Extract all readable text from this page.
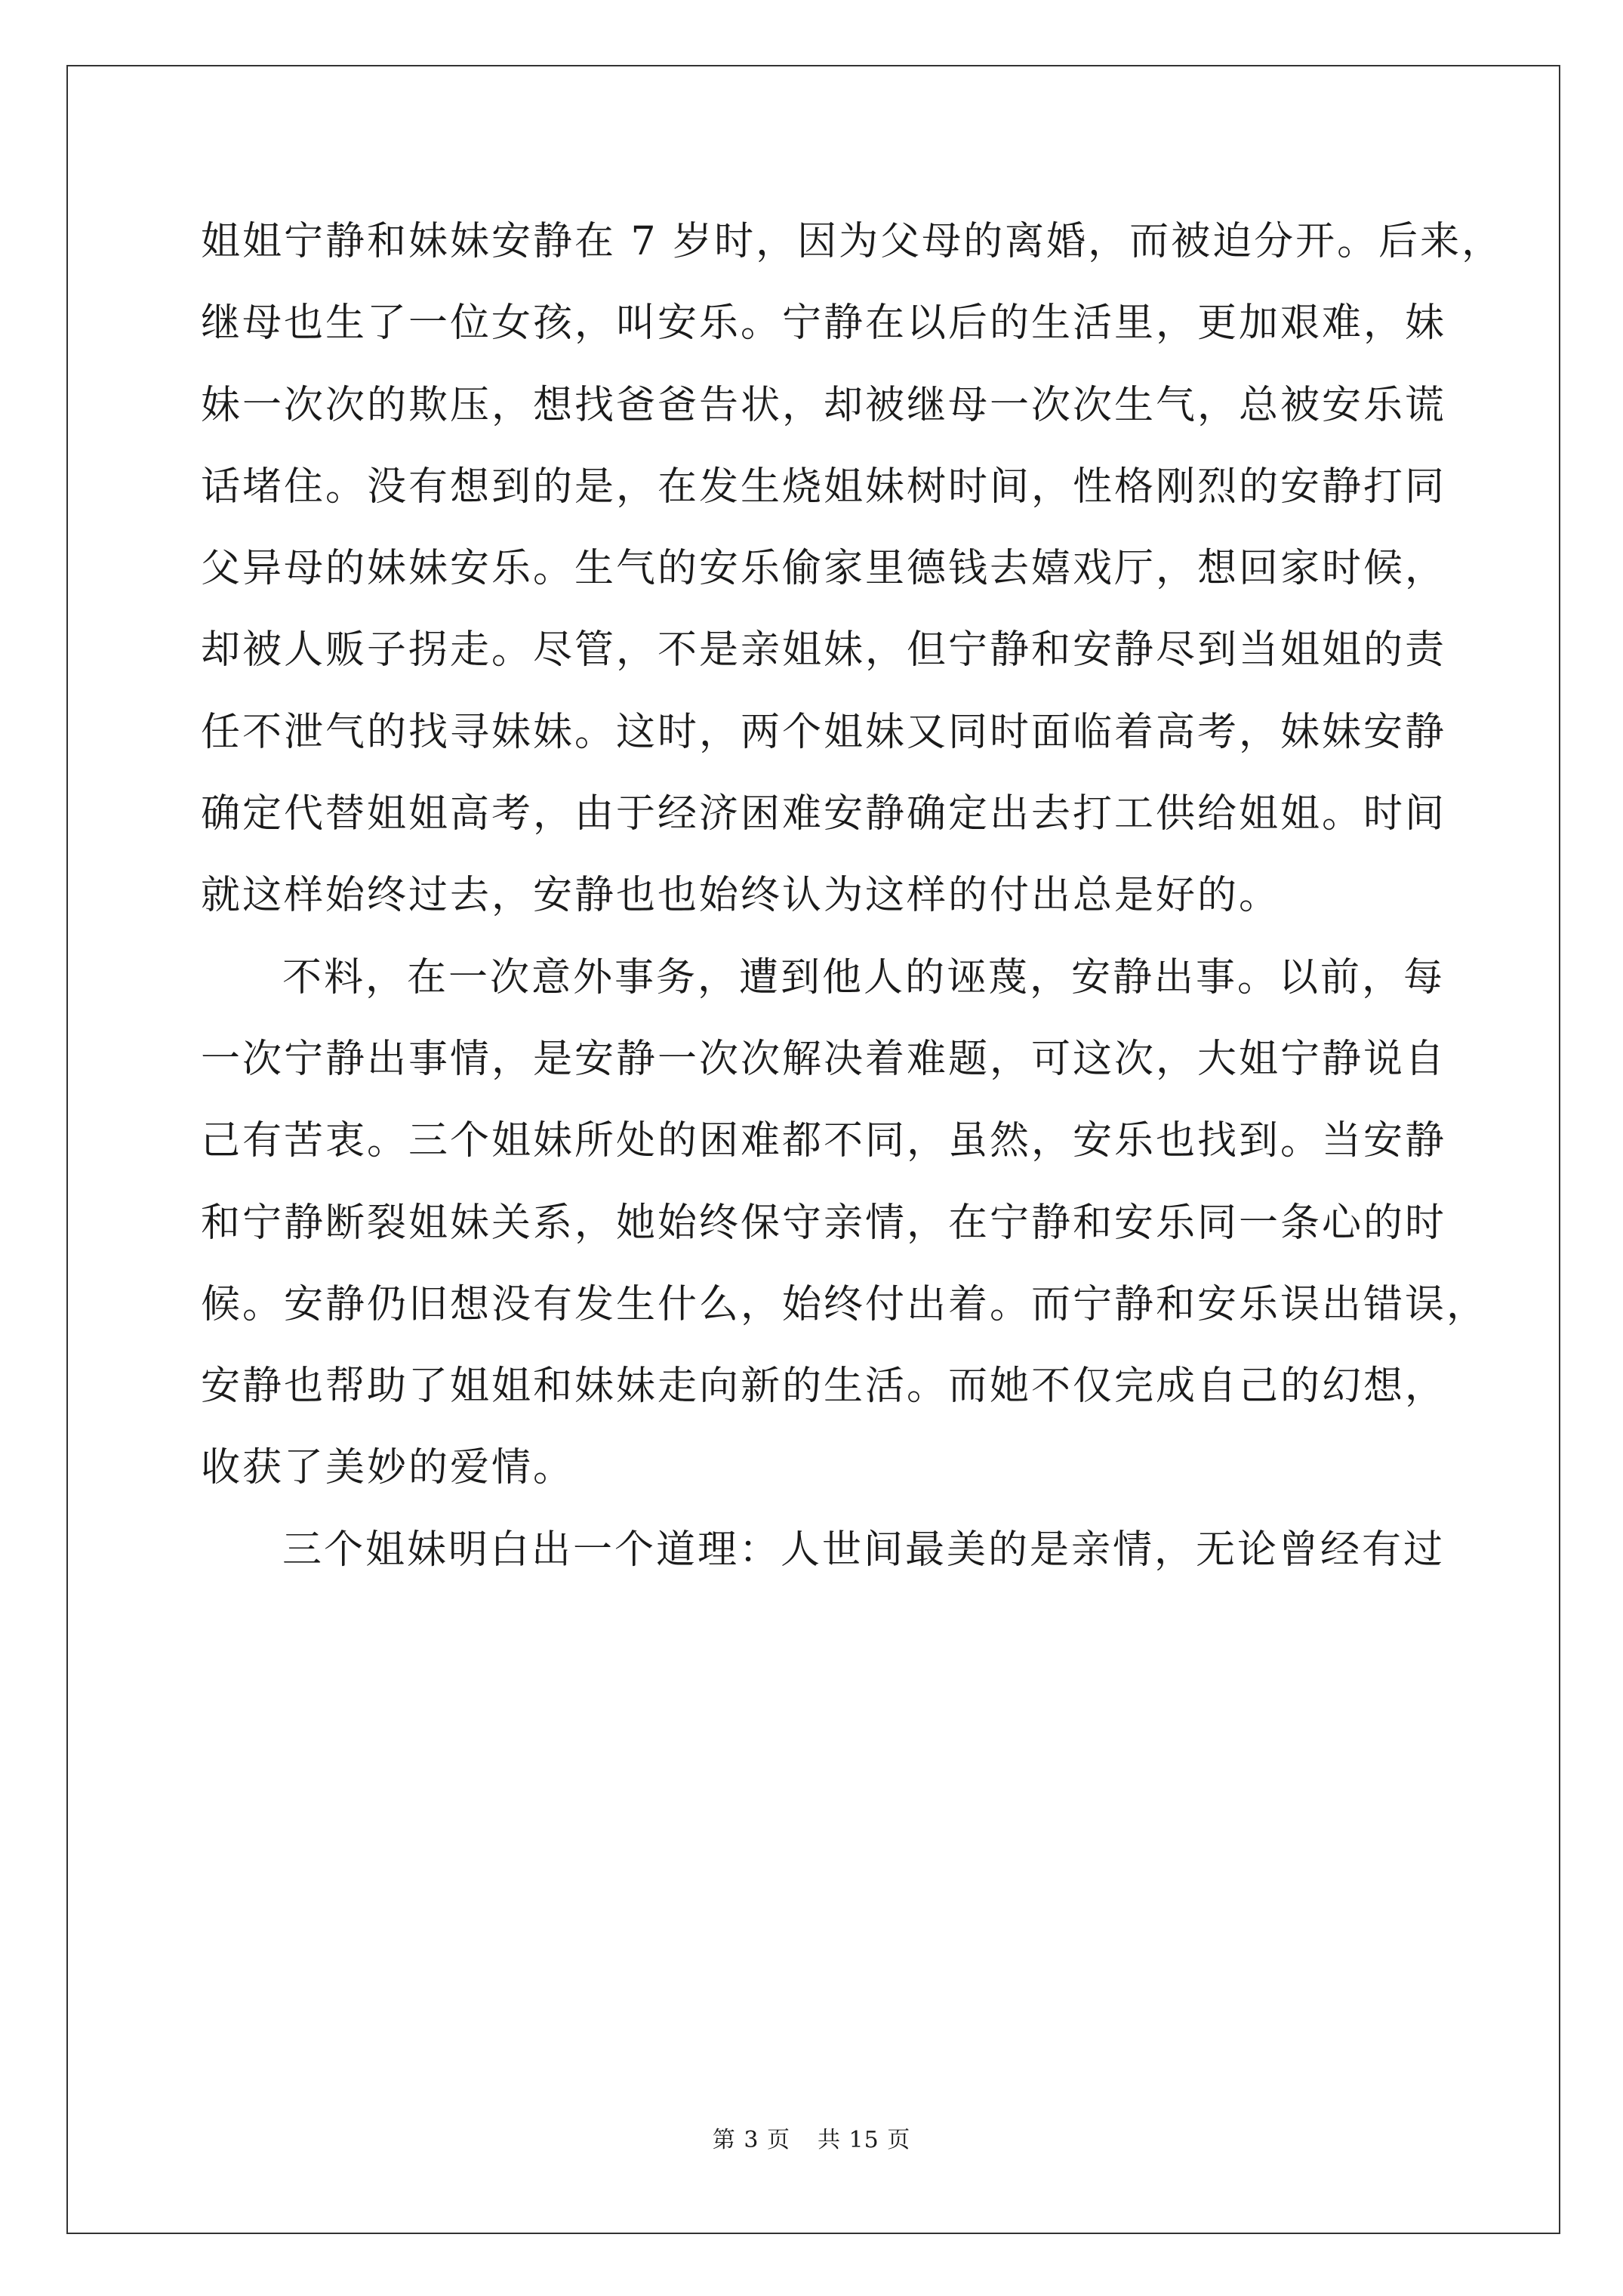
姐姐宁静和妹妹安静在 7 岁时，因为父母的离婚，而被迫分开。后来，
继母也生了一位女孩，叫安乐。宁静在以后的生活里，更加艰难，妹
妹一次次的欺压，想找爸爸告状，却被继母一次次生气，总被安乐谎
话堵住。没有想到的是，在发生烧姐妹树时间，性格刚烈的安静打同
父异母的妹妹安乐。生气的安乐偷家里德钱去嬉戏厅，想回家时候，
却被人贩子拐走。尽管，不是亲姐妹，但宁静和安静尽到当姐姐的责
任不泄气的找寻妹妹。这时，两个姐妹又同时面临着高考，妹妹安静
确定代替姐姐高考，由于经济困难安静确定出去打工供给姐姐。时间
就这样始终过去，安静也也始终认为这样的付出总是好的。
不料，在一次意外事务，遭到他人的诬蔑，安静出事。以前，每
一次宁静出事情，是安静一次次解决着难题，可这次，大姐宁静说自
己有苦衷。三个姐妹所处的困难都不同，虽然，安乐也找到。当安静
和宁静断裂姐妹关系，她始终保守亲情，在宁静和安乐同一条心的时
候。安静仍旧想没有发生什么，始终付出着。而宁静和安乐误出错误，
安静也帮助了姐姐和妹妹走向新的生活。而她不仅完成自己的幻想，
收获了美妙的爱情。
三个姐妹明白出一个道理：人世间最美的是亲情，无论曾经有过
第 3 页 共 15 页
